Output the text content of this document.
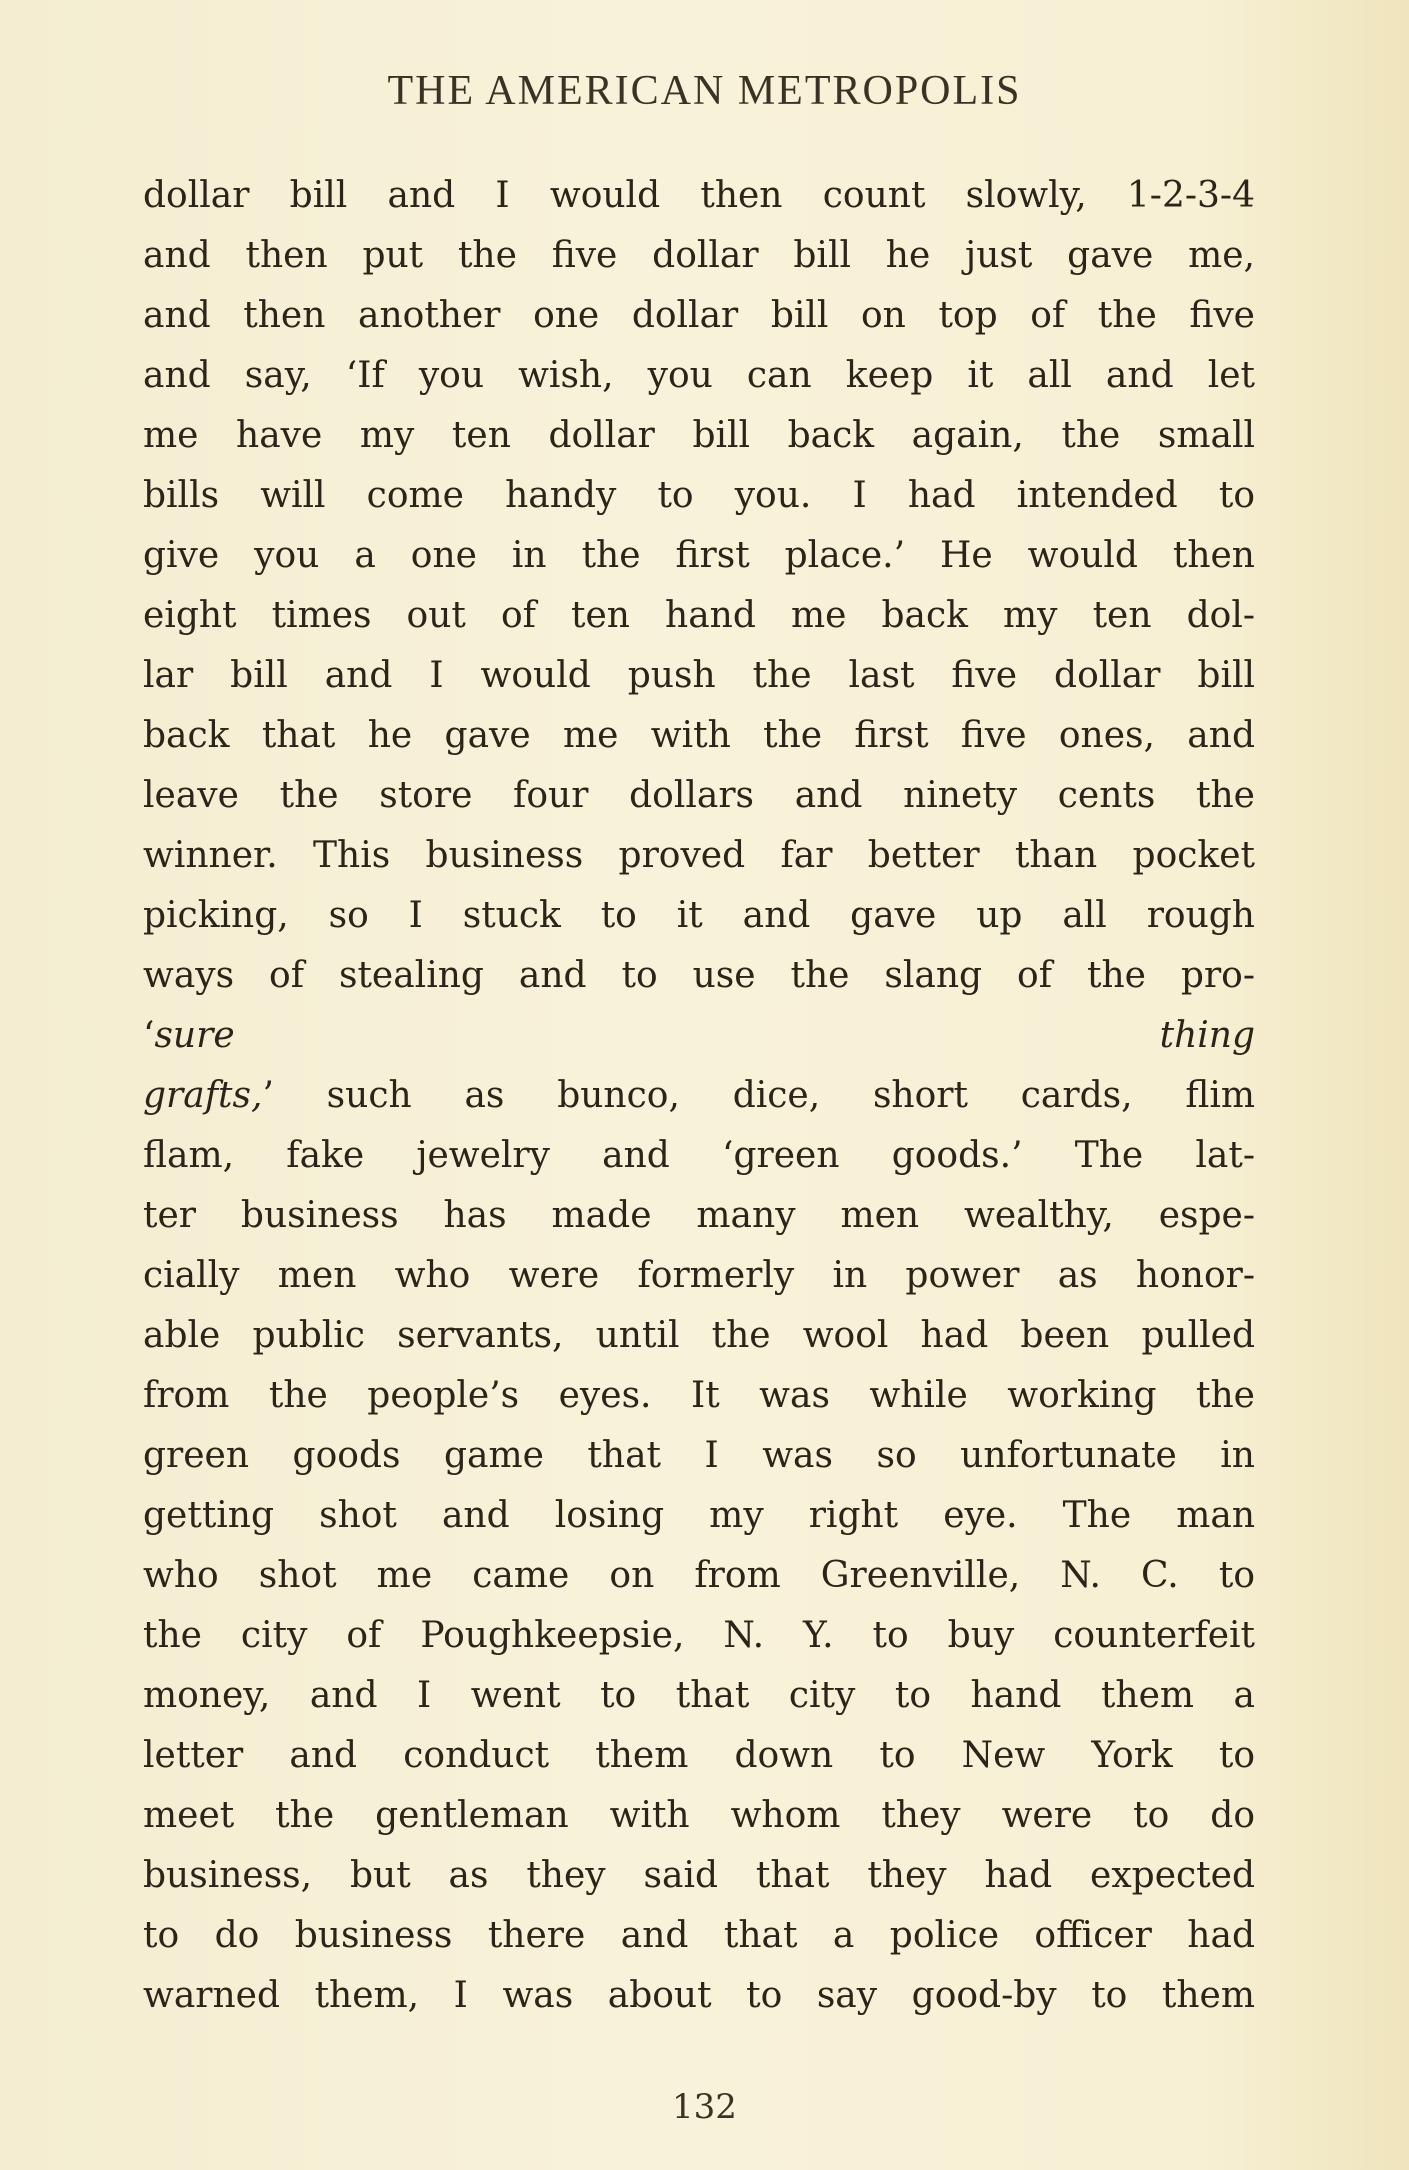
THE AMERICAN METROPOLIS
dollar bill and I would then count slowly, 1-2-3-4
and then put the five dollar bill he just gave me,
and then another one dollar bill on top of the five
and say, ‘If you wish, you can keep it all and let
me have my ten dollar bill back again, the small
bills will come handy to you. I had intended to
give you a one in the first place.’ He would then
eight times out of ten hand me back my ten dol-
lar bill and I would push the last five dollar bill
back that he gave me with the first five ones, and
leave the store four dollars and ninety cents the
winner. This business proved far better than pocket
picking, so I stuck to it and gave up all rough
ways of stealing and to use the slang of the pro-
‘sure thing
grafts,’ such as bunco, dice, short cards, flim
flam, fake jewelry and ‘green goods.’ The lat-
ter business has made many men wealthy, espe-
cially men who were formerly in power as honor-
able public servants, until the wool had been pulled
from the people’s eyes. It was while working the
green goods game that I was so unfortunate in
getting shot and losing my right eye. The man
who shot me came on from Greenville, N. C. to
the city of Poughkeepsie, N. Y. to buy counterfeit
money, and I went to that city to hand them a
letter and conduct them down to New York to
meet the gentleman with whom they were to do
business, but as they said that they had expected
to do business there and that a police officer had
warned them, I was about to say good-by to them
132
